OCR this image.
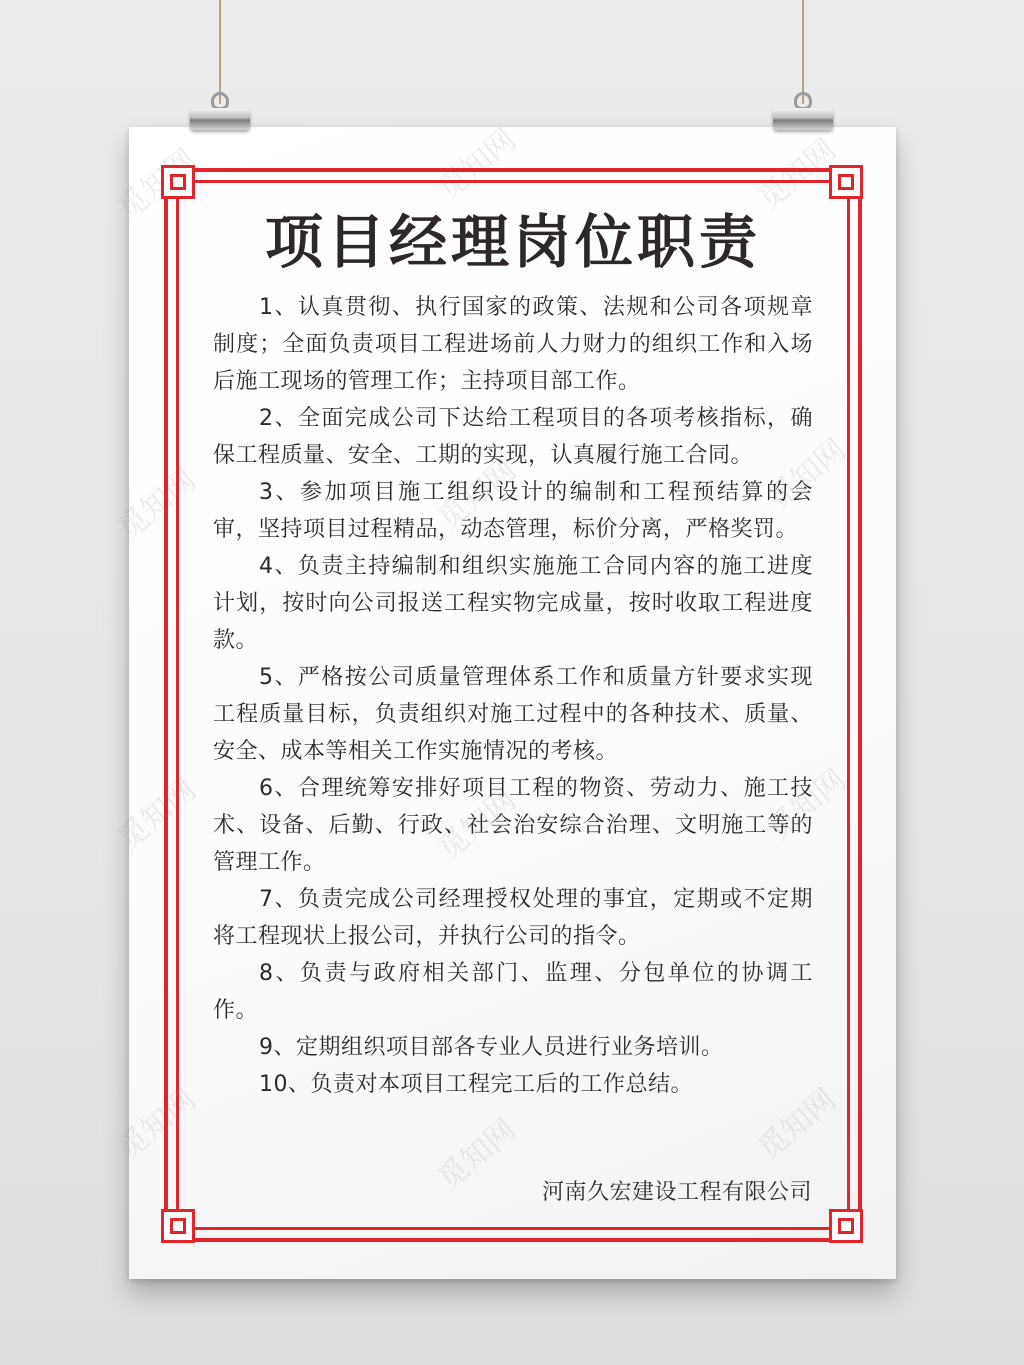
项目经理岗位职责

1、认真贯彻、执行国家的政策、法规和公司各项规章制度；全面负责项目工程进场前人力财力的组织工作和入场后施工现场的管理工作；主持项目部工作。

2、全面完成公司下达给工程项目的各项考核指标，确保工程质量、安全、工期的实现，认真履行施工合同。

3、参加项目施工组织设计的编制和工程预结算的会审，坚持项目过程精品，动态管理，标价分离，严格奖罚。

4、负责主持编制和组织实施施工合同内容的施工进度计划，按时向公司报送工程实物完成量，按时收取工程进度款。

5、严格按公司质量管理体系工作和质量方针要求实现工程质量目标，负责组织对施工过程中的各种技术、质量、安全、成本等相关工作实施情况的考核。

6、合理统筹安排好项目工程的物资、劳动力、施工技术、设备、后勤、行政、社会治安综合治理、文明施工等的管理工作。

7、负责完成公司经理授权处理的事宜，定期或不定期将工程现状上报公司，并执行公司的指令。

8、负责与政府相关部门、监理、分包单位的协调工作。

9、定期组织项目部各专业人员进行业务培训。

10、负责对本项目工程完工后的工作总结。

河南久宏建设工程有限公司
